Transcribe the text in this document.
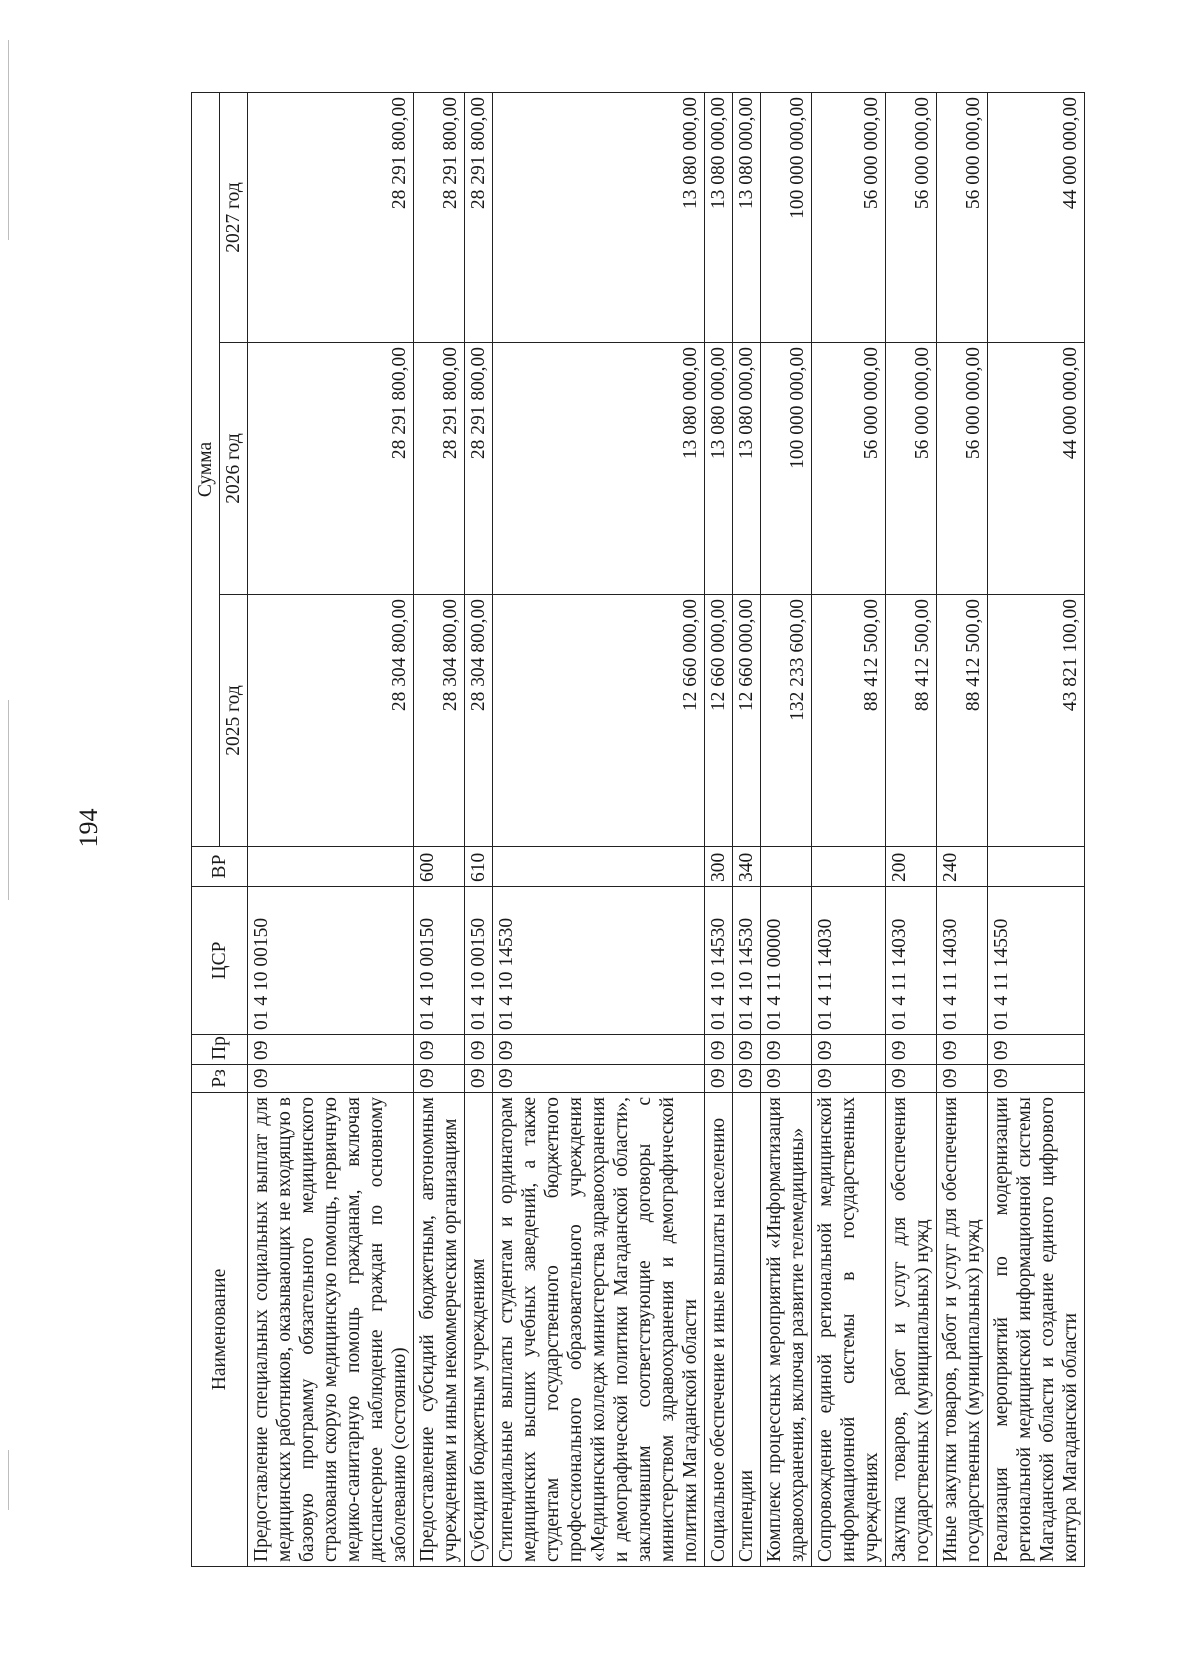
194
Наименование	Рз	Пр	ЦСР	ВР	Сумма		
					2025 год	2026 год	2027 год
Предоставление специальных социальных выплат для медицинских работников, оказывающих не входящую в базовую программу обязательного медицинского страхования скорую медицинскую помощь, первичную медико-санитарную помощь гражданам, включая диспансерное наблюдение граждан по основному заболеванию (состоянию)	09	09	01 4 10 00150		28 304 800,00	28 291 800,00	28 291 800,00
Предоставление субсидий бюджетным, автономным учреждениям и иным некоммерческим организациям	09	09	01 4 10 00150	600	28 304 800,00	28 291 800,00	28 291 800,00
Субсидии бюджетным учреждениям	09	09	01 4 10 00150	610	28 304 800,00	28 291 800,00	28 291 800,00
Стипендиальные выплаты студентам и ординаторам медицинских высших учебных заведений, а также студентам государственного бюджетного профессионального образовательного учреждения «Медицинский колледж министерства здравоохранения и демографической политики Магаданской области», заключившим соответствующие договоры с министерством здравоохранения и демографической политики Магаданской области	09	09	01 4 10 14530		12 660 000,00	13 080 000,00	13 080 000,00
Социальное обеспечение и иные выплаты населению	09	09	01 4 10 14530	300	12 660 000,00	13 080 000,00	13 080 000,00
Стипендии	09	09	01 4 10 14530	340	12 660 000,00	13 080 000,00	13 080 000,00
Комплекс процессных мероприятий «Информатизация здравоохранения, включая развитие телемедицины»	09	09	01 4 11 00000		132 233 600,00	100 000 000,00	100 000 000,00
Сопровождение единой региональной медицинской информационной системы в государственных учреждениях	09	09	01 4 11 14030		88 412 500,00	56 000 000,00	56 000 000,00
Закупка товаров, работ и услуг для обеспечения государственных (муниципальных) нужд	09	09	01 4 11 14030	200	88 412 500,00	56 000 000,00	56 000 000,00
Иные закупки товаров, работ и услуг для обеспечения государственных (муниципальных) нужд	09	09	01 4 11 14030	240	88 412 500,00	56 000 000,00	56 000 000,00
Реализация мероприятий по модернизации региональной медицинской информационной системы Магаданской области и создание единого цифрового контура Магаданской области	09	09	01 4 11 14550		43 821 100,00	44 000 000,00	44 000 000,00
